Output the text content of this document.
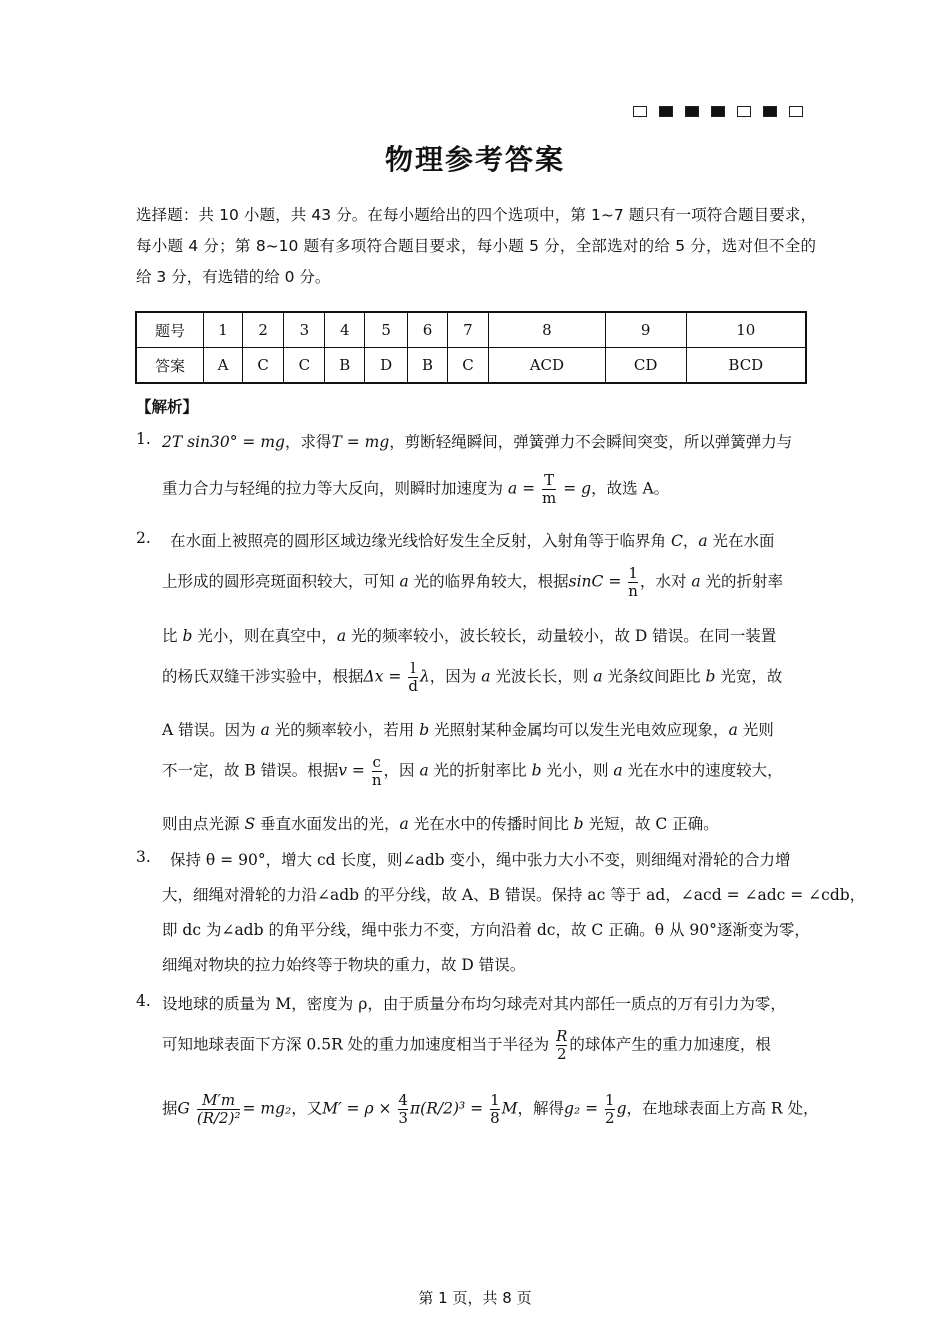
物理参考答案
选择题：共 10 小题，共 43 分。在每小题给出的四个选项中，第 1~7 题只有一项符合题目要求，每小题 4 分；第 8~10 题有多项符合题目要求，每小题 5 分，全部选对的给 5 分，选对但不全的给 3 分，有选错的给 0 分。
题号	1	2	3	4	5	6	7	8	9	10
答案	A	C	C	B	D	B	C	ACD	CD	BCD
【解析】
1. 2T sin30° = mg，求得T = mg，剪断轻绳瞬间，弹簧弹力不会瞬间突变，所以弹簧弹力与
重力合力与轻绳的拉力等大反向，则瞬时加速度为 $a = \frac{T}{m} = g$，故选 A。
2. 在水面上被照亮的圆形区域边缘光线恰好发生全反射，入射角等于临界角 C，a 光在水面
上形成的圆形亮斑面积较大，可知 a 光的临界角较大，根据$\sin C = \frac{1}{n}$ ，水对 a 光的折射率
比 b 光小，则在真空中，a 光的频率较小，波长较长，动量较小，故 D 错误。在同一装置
的杨氏双缝干涉实验中，根据$\Delta x = \frac{l}{d}$ λ，因为 a 光波长长，则 a 光条纹间距比 b 光宽，故
A 错误。因为 a 光的频率较小，若用 b 光照射某种金属均可以发生光电效应现象，a 光则
不一定，故 B 错误。根据$v = \frac{c}{n}$ ，因 a 光的折射率比 b 光小，则 a 光在水中的速度较大，
则由点光源 S 垂直水面发出的光，a 光在水中的传播时间比 b 光短，故 C 正确。
3. 保持 θ = 90°，增大 cd 长度，则∠adb 变小，绳中张力大小不变，则细绳对滑轮的合力增
大，细绳对滑轮的力沿∠adb 的平分线，故 A、B 错误。保持 ac 等于 ad，∠acd = ∠adc = ∠cdb，
即 dc 为∠adb 的角平分线，绳中张力不变，方向沿着 dc，故 C 正确。θ 从 90°逐渐变为零，
细绳对物块的拉力始终等于物块的重力，故 D 错误。
4. 设地球的质量为 M，密度为 ρ，由于质量分布均匀球壳对其内部任一质点的万有引力为零，
可知地球表面下方深 0.5R 处的重力加速度相当于半径为 $\frac{R}{2}$ 的球体产生的重力加速度，根
据G $\frac{M'm}{\text{(R/2)²}} = mg_2$，又$M' = \rho \times \frac{4}{3} \pi(R/2)^3 = \frac{1}{8}$ M，解得$g_2 = \frac{1}{2}$ g，在地球表面上方高 R 处，
第 1 页，共 8 页
